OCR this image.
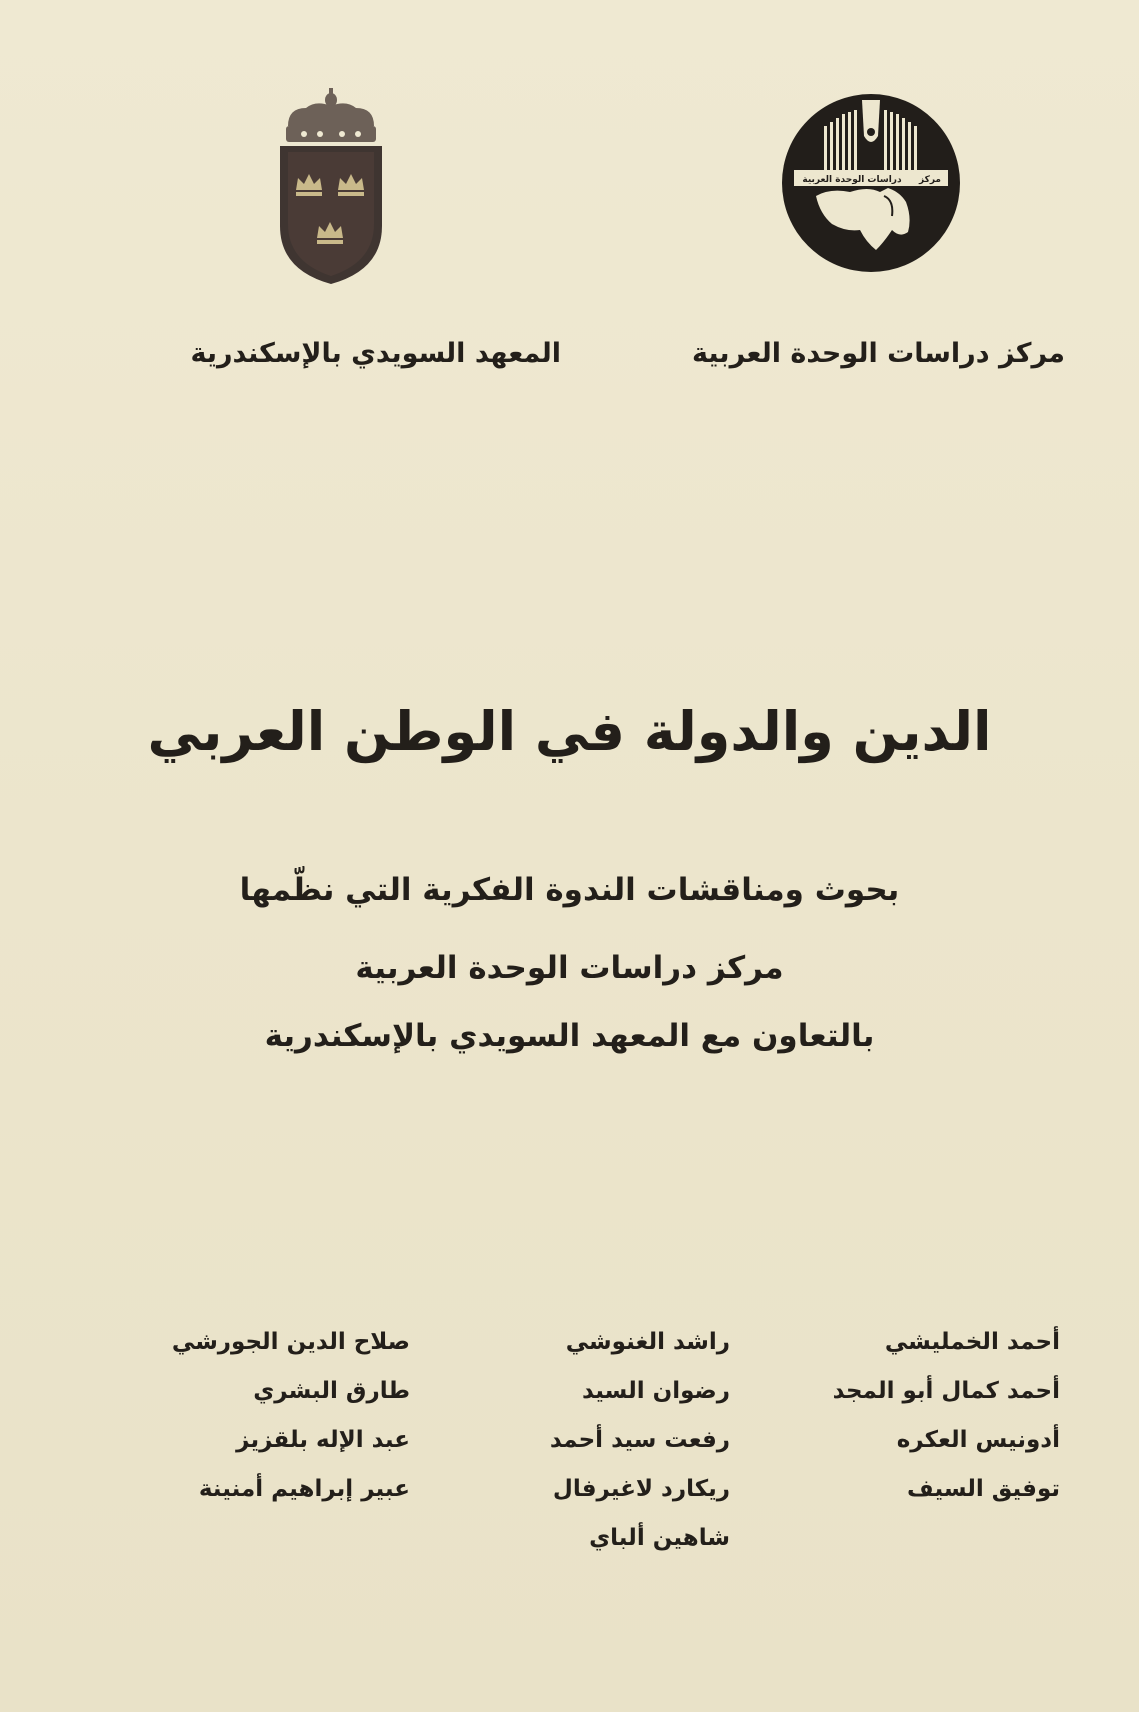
دراسات الوحدة العربية مركز
مركز دراسات الوحدة العربية
المعهد السويدي بالإسكندرية
الدين والدولة في الوطن العربي
بحوث ومناقشات الندوة الفكرية التي نظّمها
مركز دراسات الوحدة العربية
بالتعاون مع المعهد السويدي بالإسكندرية
أحمد الخمليشي
أحمد كمال أبو المجد
أدونيس العكره
توفيق السيف
راشد الغنوشي
رضوان السيد
رفعت سيد أحمد
ريكارد لاغيرفال
شاهين ألباي
صلاح الدين الجورشي
طارق البشري
عبد الإله بلقزيز
عبير إبراهيم أمنينة
